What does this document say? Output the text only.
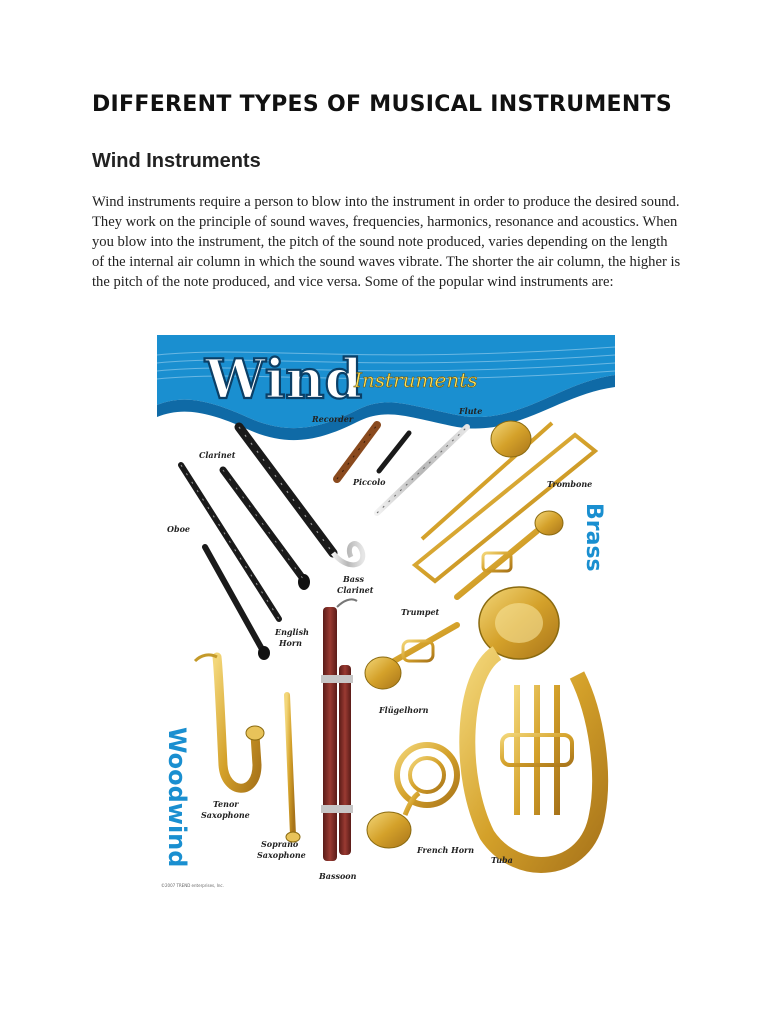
DIFFERENT TYPES OF MUSICAL INSTRUMENTS
Wind Instruments

Wind instruments require a person to blow into the instrument in order to produce the desired sound. They work on the principle of sound waves, frequencies, harmonics, resonance and acoustics. When you blow into the instrument, the pitch of the sound note produced, varies depending on the length of the internal air column in which the sound waves vibrate. The shorter the air column, the higher is the pitch of the note produced, and vice versa. Some of the popular wind instruments are:

Wind
Instruments
Brass
Woodwind
Clarinet
Recorder
Flute
Oboe
Piccolo	Trombone
Bass
Clarinet
Trumpet
English
Horn
Flügelhorn
Tenor
Saxophone
Soprano
Saxophone	French Horn
Tuba
Bassoon
©2007 TREND enterprises, Inc.
